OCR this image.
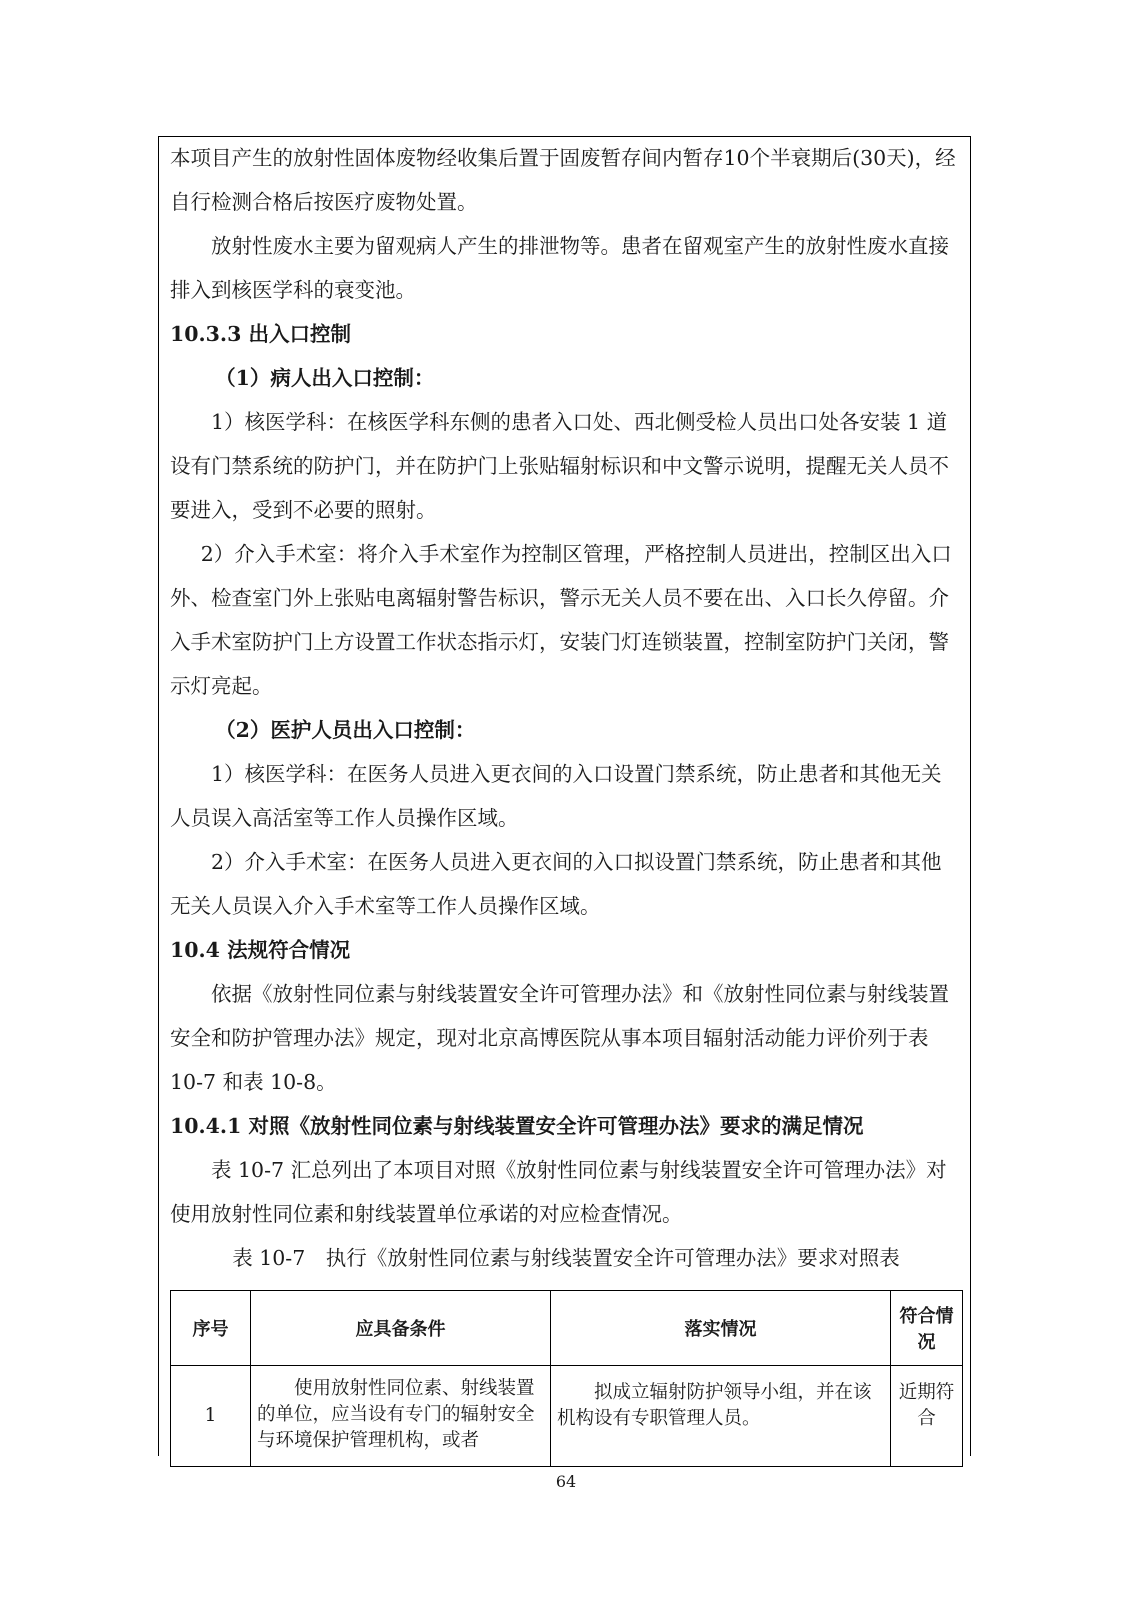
本项目产生的放射性固体废物经收集后置于固废暂存间内暂存10个半衰期后(30天)，经自行检测合格后按医疗废物处置。

放射性废水主要为留观病人产生的排泄物等。患者在留观室产生的放射性废水直接排入到核医学科的衰变池。

10.3.3 出入口控制

（1）病人出入口控制：

1）核医学科：在核医学科东侧的患者入口处、西北侧受检人员出口处各安装 1 道设有门禁系统的防护门，并在防护门上张贴辐射标识和中文警示说明，提醒无关人员不要进入，受到不必要的照射。

2）介入手术室：将介入手术室作为控制区管理，严格控制人员进出，控制区出入口外、检查室门外上张贴电离辐射警告标识，警示无关人员不要在出、入口长久停留。介入手术室防护门上方设置工作状态指示灯，安装门灯连锁装置，控制室防护门关闭，警示灯亮起。

（2）医护人员出入口控制：

1）核医学科：在医务人员进入更衣间的入口设置门禁系统，防止患者和其他无关人员误入高活室等工作人员操作区域。

2）介入手术室：在医务人员进入更衣间的入口拟设置门禁系统，防止患者和其他无关人员误入介入手术室等工作人员操作区域。

10.4 法规符合情况

依据《放射性同位素与射线装置安全许可管理办法》和《放射性同位素与射线装置安全和防护管理办法》规定，现对北京高博医院从事本项目辐射活动能力评价列于表 10-7 和表 10-8。

10.4.1 对照《放射性同位素与射线装置安全许可管理办法》要求的满足情况

表 10-7 汇总列出了本项目对照《放射性同位素与射线装置安全许可管理办法》对使用放射性同位素和射线装置单位承诺的对应检查情况。

表 10-7　执行《放射性同位素与射线装置安全许可管理办法》要求对照表

序号	应具备条件	落实情况	符合情况

1	使用放射性同位素、射线装置的单位，应当设有专门的辐射安全与环境保护管理机构，或者	拟成立辐射防护领导小组，并在该机构设有专职管理人员。	近期符合
64
